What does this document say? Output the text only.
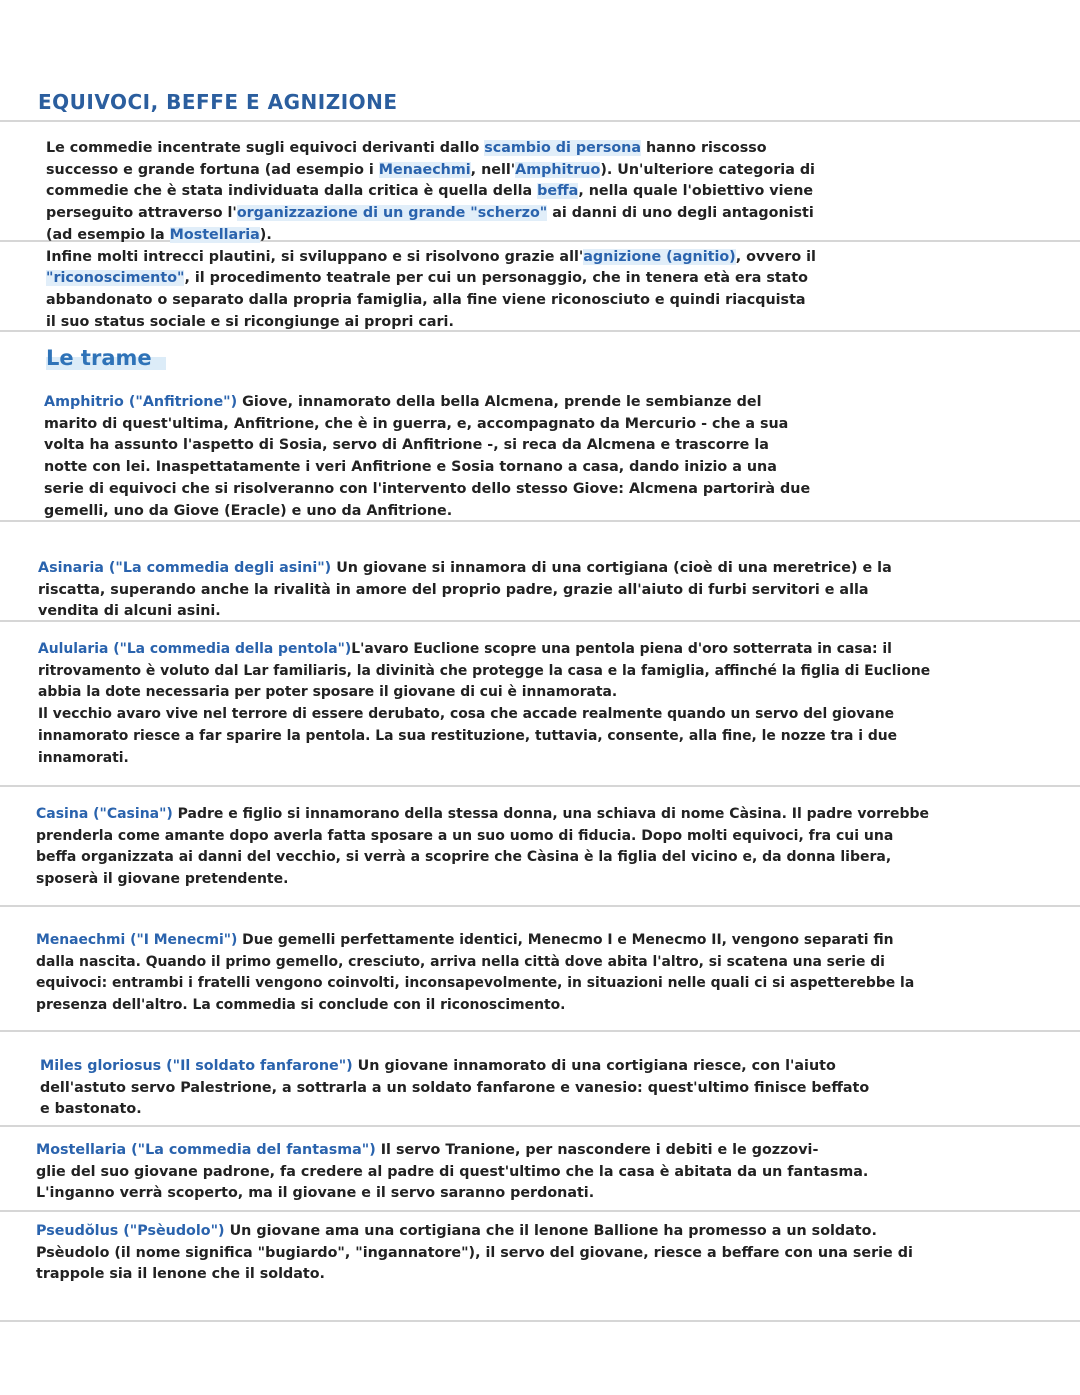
EQUIVOCI, BEFFE E AGNIZIONE

Le commedie incentrate sugli equivoci derivanti dallo scambio di persona hanno riscosso
successo e grande fortuna (ad esempio i Menaechmi, nell'Amphitruo). Un'ulteriore categoria di
commedie che è stata individuata dalla critica è quella della beffa, nella quale l'obiettivo viene
perseguito attraverso l'organizzazione di un grande "scherzo" ai danni di uno degli antagonisti
(ad esempio la Mostellaria).

Infine molti intrecci plautini, si sviluppano e si risolvono grazie all'agnizione (agnitio), ovvero il
"riconoscimento", il procedimento teatrale per cui un personaggio, che in tenera età era stato
abbandonato o separato dalla propria famiglia, alla fine viene riconosciuto e quindi riacquista
il suo status sociale e si ricongiunge ai propri cari.

Le trame

Amphitrio ("Anfitrione") Giove, innamorato della bella Alcmena, prende le sembianze del
marito di quest'ultima, Anfitrione, che è in guerra, e, accompagnato da Mercurio - che a sua
volta ha assunto l'aspetto di Sosia, servo di Anfitrione -, si reca da Alcmena e trascorre la
notte con lei. Inaspettatamente i veri Anfitrione e Sosia tornano a casa, dando inizio a una
serie di equivoci che si risolveranno con l'intervento dello stesso Giove: Alcmena partorirà due
gemelli, uno da Giove (Eracle) e uno da Anfitrione.

Asinaria ("La commedia degli asini") Un giovane si innamora di una cortigiana (cioè di una meretrice) e la
riscatta, superando anche la rivalità in amore del proprio padre, grazie all'aiuto di furbi servitori e alla
vendita di alcuni asini.

Aulularia ("La commedia della pentola")L'avaro Euclione scopre una pentola piena d'oro sotterrata in casa: il
ritrovamento è voluto dal Lar familiaris, la divinità che protegge la casa e la famiglia, affinché la figlia di Euclione
abbia la dote necessaria per poter sposare il giovane di cui è innamorata.
Il vecchio avaro vive nel terrore di essere derubato, cosa che accade realmente quando un servo del giovane
innamorato riesce a far sparire la pentola. La sua restituzione, tuttavia, consente, alla fine, le nozze tra i due
innamorati.

Casina ("Casina") Padre e figlio si innamorano della stessa donna, una schiava di nome Càsina. Il padre vorrebbe
prenderla come amante dopo averla fatta sposare a un suo uomo di fiducia. Dopo molti equivoci, fra cui una
beffa organizzata ai danni del vecchio, si verrà a scoprire che Càsina è la figlia del vicino e, da donna libera,
sposerà il giovane pretendente.

Menaechmi ("I Menecmi") Due gemelli perfettamente identici, Menecmo I e Menecmo II, vengono separati fin
dalla nascita. Quando il primo gemello, cresciuto, arriva nella città dove abita l'altro, si scatena una serie di
equivoci: entrambi i fratelli vengono coinvolti, inconsapevolmente, in situazioni nelle quali ci si aspetterebbe la
presenza dell'altro. La commedia si conclude con il riconoscimento.

Miles gloriosus ("Il soldato fanfarone") Un giovane innamorato di una cortigiana riesce, con l'aiuto
dell'astuto servo Palestrione, a sottrarla a un soldato fanfarone e vanesio: quest'ultimo finisce beffato
e bastonato.

Mostellaria ("La commedia del fantasma") Il servo Tranione, per nascondere i debiti e le gozzovi-
glie del suo giovane padrone, fa credere al padre di quest'ultimo che la casa è abitata da un fantasma.
L'inganno verrà scoperto, ma il giovane e il servo saranno perdonati.

Pseudŏlus ("Psèudolo") Un giovane ama una cortigiana che il lenone Ballione ha promesso a un soldato.
Psèudolo (il nome significa "bugiardo", "ingannatore"), il servo del giovane, riesce a beffare con una serie di
trappole sia il lenone che il soldato.
